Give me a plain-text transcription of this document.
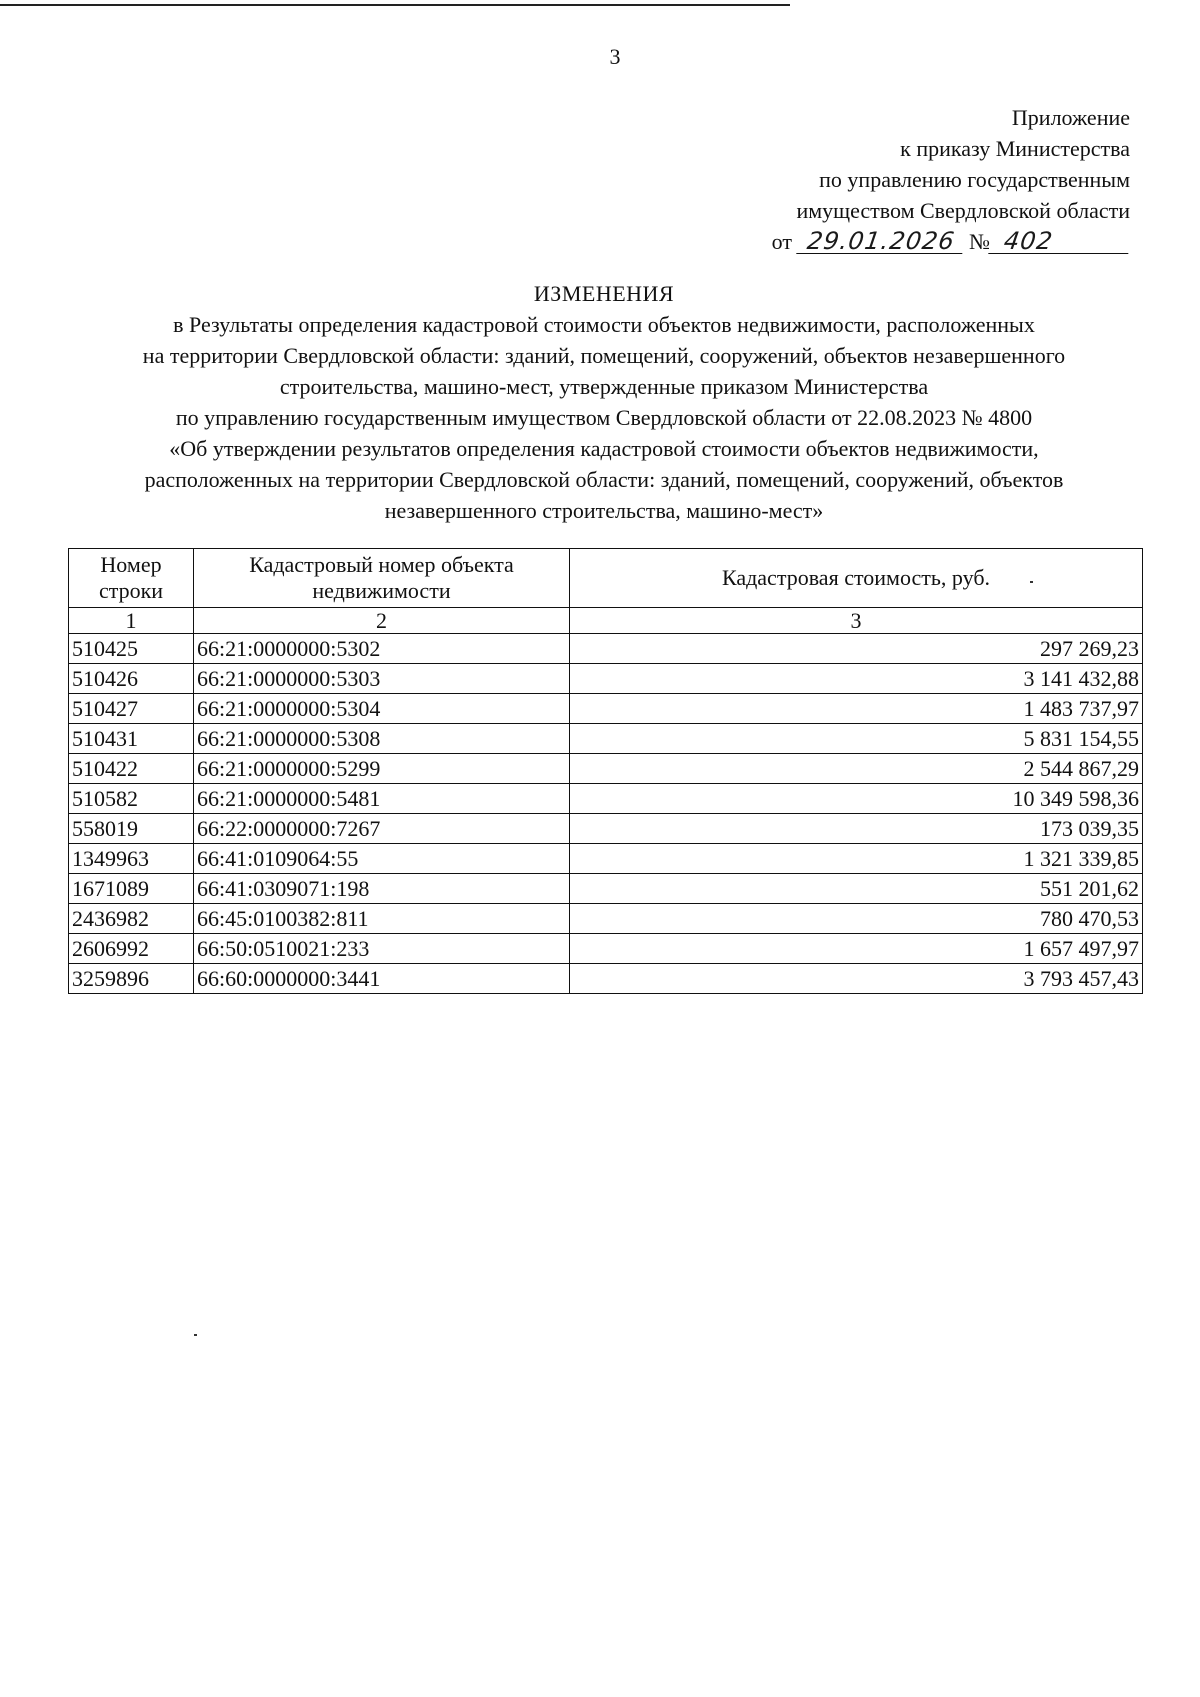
3
Приложение
к приказу Министерства
по управлению государственным
имуществом Свердловской области
от 29.01.2026 № 402
ИЗМЕНЕНИЯ
в Результаты определения кадастровой стоимости объектов недвижимости, расположенных
на территории Свердловской области: зданий, помещений, сооружений, объектов незавершенного
строительства, машино-мест, утвержденные приказом Министерства
по управлению государственным имуществом Свердловской области от 22.08.2023 № 4800
«Об утверждении результатов определения кадастровой стоимости объектов недвижимости,
расположенных на территории Свердловской области: зданий, помещений, сооружений, объектов
незавершенного строительства, машино-мест»
Номер строки	Кадастровый номер объекта недвижимости	Кадастровая стоимость, руб.
1	2	3
510425	66:21:0000000:5302	297 269,23
510426	66:21:0000000:5303	3 141 432,88
510427	66:21:0000000:5304	1 483 737,97
510431	66:21:0000000:5308	5 831 154,55
510422	66:21:0000000:5299	2 544 867,29
510582	66:21:0000000:5481	10 349 598,36
558019	66:22:0000000:7267	173 039,35
1349963	66:41:0109064:55	1 321 339,85
1671089	66:41:0309071:198	551 201,62
2436982	66:45:0100382:811	780 470,53
2606992	66:50:0510021:233	1 657 497,97
3259896	66:60:0000000:3441	3 793 457,43
